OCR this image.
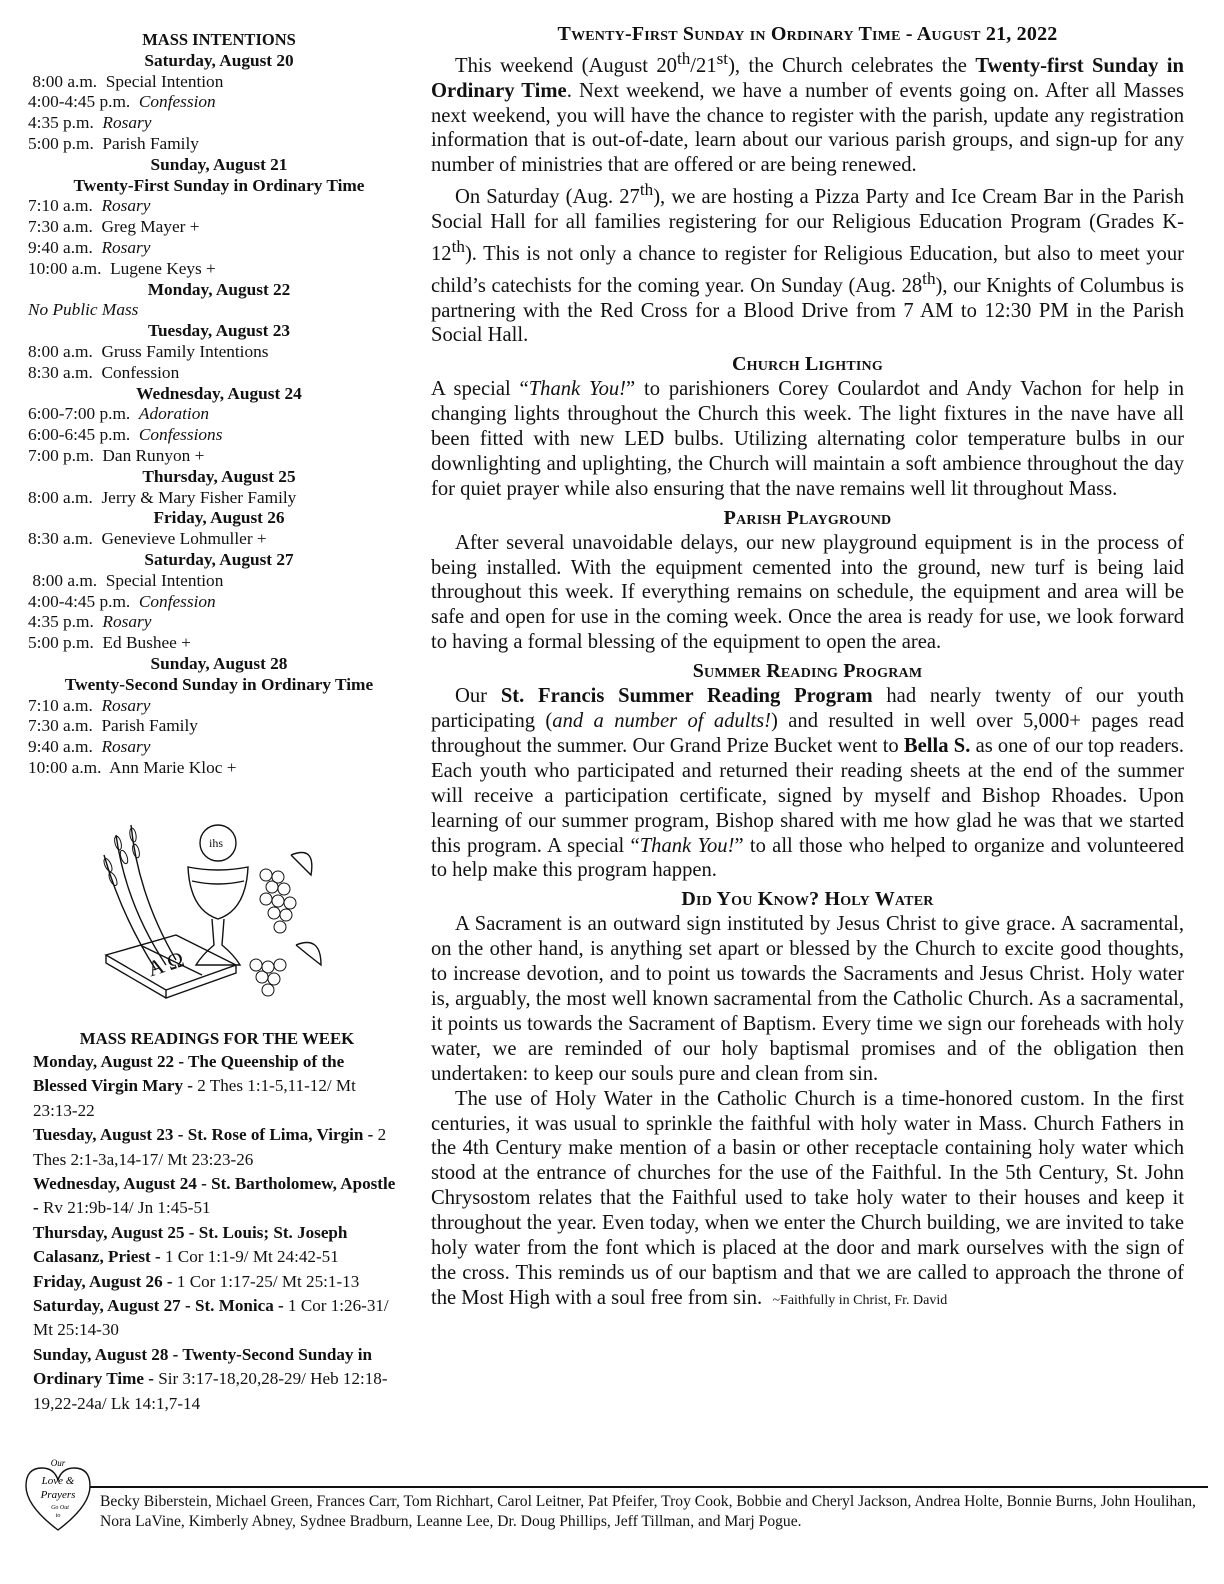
MASS INTENTIONS
Saturday, August 20
8:00 a.m. Special Intention
4:00-4:45 p.m. Confession
4:35 p.m. Rosary
5:00 p.m. Parish Family
Sunday, August 21
Twenty-First Sunday in Ordinary Time
7:10 a.m. Rosary
7:30 a.m. Greg Mayer +
9:40 a.m. Rosary
10:00 a.m. Lugene Keys +
Monday, August 22
No Public Mass
Tuesday, August 23
8:00 a.m. Gruss Family Intentions
8:30 a.m. Confession
Wednesday, August 24
6:00-7:00 p.m. Adoration
6:00-6:45 p.m. Confessions
7:00 p.m. Dan Runyon +
Thursday, August 25
8:00 a.m. Jerry & Mary Fisher Family
Friday, August 26
8:30 a.m. Genevieve Lohmuller +
Saturday, August 27
8:00 a.m. Special Intention
4:00-4:45 p.m. Confession
4:35 p.m. Rosary
5:00 p.m. Ed Bushee +
Sunday, August 28
Twenty-Second Sunday in Ordinary Time
7:10 a.m. Rosary
7:30 a.m. Parish Family
9:40 a.m. Rosary
10:00 a.m. Ann Marie Kloc +
ihs
A Ω
MASS READINGS FOR THE WEEK
Monday, August 22 - The Queenship of the Blessed Virgin Mary - 2 Thes 1:1-5,11-12/ Mt 23:13-22
Tuesday, August 23 - St. Rose of Lima, Virgin - 2 Thes 2:1-3a,14-17/ Mt 23:23-26
Wednesday, August 24 - St. Bartholomew, Apostle - Rv 21:9b-14/ Jn 1:45-51
Thursday, August 25 - St. Louis; St. Joseph Calasanz, Priest - 1 Cor 1:1-9/ Mt 24:42-51
Friday, August 26 - 1 Cor 1:17-25/ Mt 25:1-13
Saturday, August 27 - St. Monica - 1 Cor 1:26-31/ Mt 25:14-30
Sunday, August 28 - Twenty-Second Sunday in Ordinary Time - Sir 3:17-18,20,28-29/ Heb 12:18-19,22-24a/ Lk 14:1,7-14
Twenty-First Sunday in Ordinary Time - August 21, 2022

This weekend (August 20th/21st), the Church celebrates the Twenty-first Sunday in Ordinary Time. Next weekend, we have a number of events going on. After all Masses next weekend, you will have the chance to register with the parish, update any registration information that is out-of-date, learn about our various parish groups, and sign-up for any number of ministries that are offered or are being renewed.

On Saturday (Aug. 27th), we are hosting a Pizza Party and Ice Cream Bar in the Parish Social Hall for all families registering for our Religious Education Program (Grades K-12th). This is not only a chance to register for Religious Education, but also to meet your child’s catechists for the coming year. On Sunday (Aug. 28th), our Knights of Columbus is partnering with the Red Cross for a Blood Drive from 7 AM to 12:30 PM in the Parish Social Hall.

Church Lighting

A special “Thank You!” to parishioners Corey Coulardot and Andy Vachon for help in changing lights throughout the Church this week. The light fixtures in the nave have all been fitted with new LED bulbs. Utilizing alternating color temperature bulbs in our downlighting and uplighting, the Church will maintain a soft ambience throughout the day for quiet prayer while also ensuring that the nave remains well lit throughout Mass.

Parish Playground

After several unavoidable delays, our new playground equipment is in the process of being installed. With the equipment cemented into the ground, new turf is being laid throughout this week. If everything remains on schedule, the equipment and area will be safe and open for use in the coming week. Once the area is ready for use, we look forward to having a formal blessing of the equipment to open the area.

Summer Reading Program

Our St. Francis Summer Reading Program had nearly twenty of our youth participating (and a number of adults!) and resulted in well over 5,000+ pages read throughout the summer. Our Grand Prize Bucket went to Bella S. as one of our top readers. Each youth who participated and returned their reading sheets at the end of the summer will receive a participation certificate, signed by myself and Bishop Rhoades. Upon learning of our summer program, Bishop shared with me how glad he was that we started this program. A special “Thank You!” to all those who helped to organize and volunteered to help make this program happen.

Did You Know? Holy Water

A Sacrament is an outward sign instituted by Jesus Christ to give grace. A sacramental, on the other hand, is anything set apart or blessed by the Church to excite good thoughts, to increase devotion, and to point us towards the Sacraments and Jesus Christ. Holy water is, arguably, the most well known sacramental from the Catholic Church. As a sacramental, it points us towards the Sacrament of Baptism. Every time we sign our foreheads with holy water, we are reminded of our holy baptismal promises and of the obligation then undertaken: to keep our souls pure and clean from sin.

The use of Holy Water in the Catholic Church is a time-honored custom. In the first centuries, it was usual to sprinkle the faithful with holy water in Mass. Church Fathers in the 4th Century make mention of a basin or other receptacle containing holy water which stood at the entrance of churches for the use of the Faithful. In the 5th Century, St. John Chrysostom relates that the Faithful used to take holy water to their houses and keep it throughout the year. Even today, when we enter the Church building, we are invited to take holy water from the font which is placed at the door and mark ourselves with the sign of the cross. This reminds us of our baptism and that we are called to approach the throne of the Most High with a soul free from sin. ~Faithfully in Christ, Fr. David

Our
Love &
Prayers
Go Out
to
Becky Biberstein, Michael Green, Frances Carr, Tom Richhart, Carol Leitner, Pat Pfeifer, Troy Cook, Bobbie and Cheryl Jackson, Andrea Holte, Bonnie Burns, John Houlihan, Nora LaVine, Kimberly Abney, Sydnee Bradburn, Leanne Lee, Dr. Doug Phillips, Jeff Tillman, and Marj Pogue.
